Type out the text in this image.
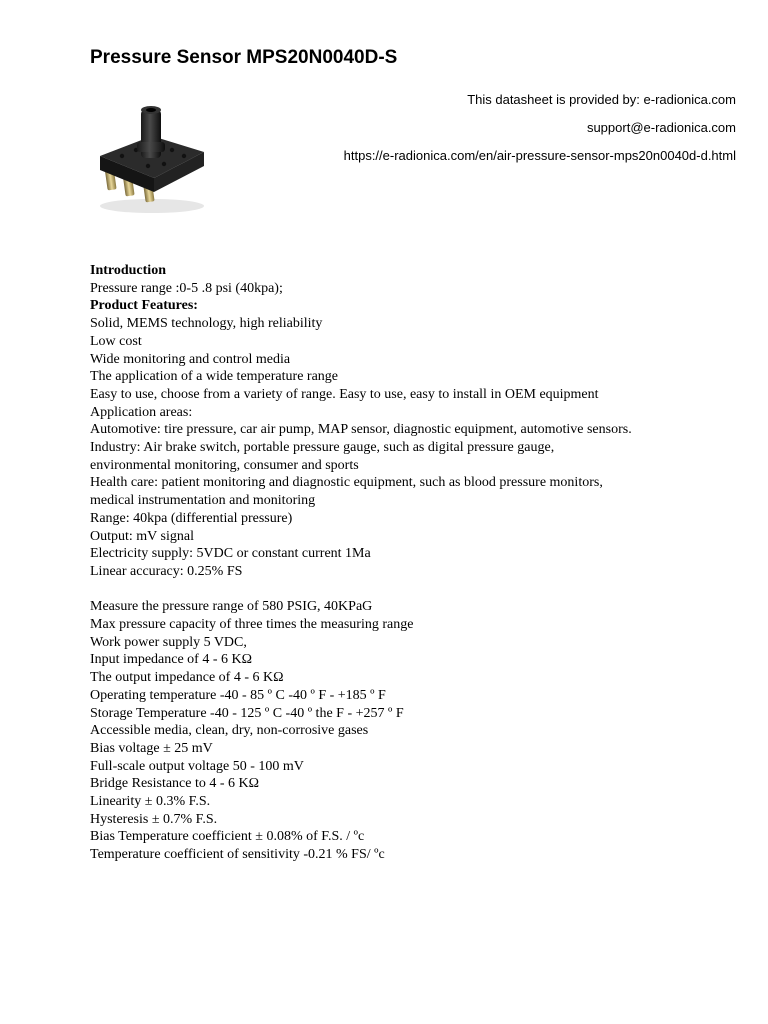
Pressure Sensor MPS20N0040D-S
This datasheet is provided by: e-radionica.com
support@e-radionica.com
https://e-radionica.com/en/air-pressure-sensor-mps20n0040d-d.html
Introduction
Pressure range :0-5 .8 psi (40kpa);
Product Features:
Solid, MEMS technology, high reliability
Low cost
Wide monitoring and control media
The application of a wide temperature range
Easy to use, choose from a variety of range. Easy to use, easy to install in OEM equipment
Application areas:
Automotive: tire pressure, car air pump, MAP sensor, diagnostic equipment, automotive sensors.
Industry: Air brake switch, portable pressure gauge, such as digital pressure gauge,
environmental monitoring, consumer and sports
Health care: patient monitoring and diagnostic equipment, such as blood pressure monitors,
medical instrumentation and monitoring
Range: 40kpa (differential pressure)
Output: mV signal
Electricity supply: 5VDC or constant current 1Ma
Linear accuracy: 0.25% FS
Measure the pressure range of 580 PSIG, 40KPaG
Max pressure capacity of three times the measuring range
Work power supply 5 VDC,
Input impedance of 4 - 6 KΩ
The output impedance of 4 - 6 KΩ
Operating temperature -40 - 85 º C -40 º F - +185 º F
Storage Temperature -40 - 125 º C -40 º the F - +257 º F
Accessible media, clean, dry, non-corrosive gases
Bias voltage ± 25 mV
Full-scale output voltage 50 - 100 mV
Bridge Resistance to 4 - 6 KΩ
Linearity ± 0.3% F.S.
Hysteresis ± 0.7% F.S.
Bias Temperature coefficient ± 0.08% of F.S. / ºc
Temperature coefficient of sensitivity -0.21 % FS/ ºc
